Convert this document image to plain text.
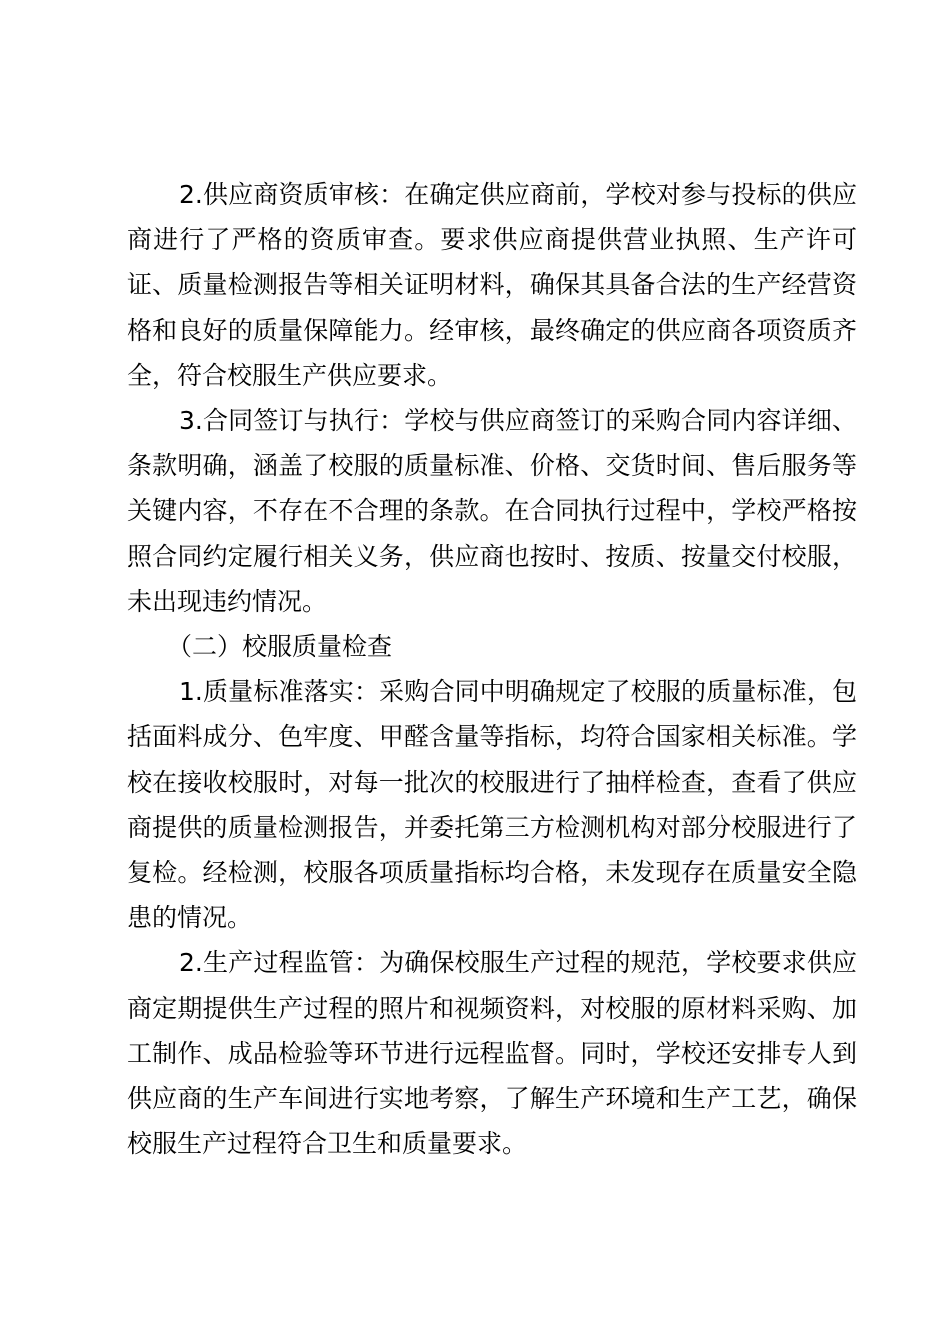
2.供应商资质审核：在确定供应商前，学校对参与投标的供应商进行了严格的资质审查。要求供应商提供营业执照、生产许可证、质量检测报告等相关证明材料，确保其具备合法的生产经营资格和良好的质量保障能力。经审核，最终确定的供应商各项资质齐全，符合校服生产供应要求。

3.合同签订与执行：学校与供应商签订的采购合同内容详细、条款明确，涵盖了校服的质量标准、价格、交货时间、售后服务等关键内容，不存在不合理的条款。在合同执行过程中，学校严格按照合同约定履行相关义务，供应商也按时、按质、按量交付校服，未出现违约情况。

（二）校服质量检查

1.质量标准落实：采购合同中明确规定了校服的质量标准，包括面料成分、色牢度、甲醛含量等指标，均符合国家相关标准。学校在接收校服时，对每一批次的校服进行了抽样检查，查看了供应商提供的质量检测报告，并委托第三方检测机构对部分校服进行了复检。经检测，校服各项质量指标均合格，未发现存在质量安全隐患的情况。

2.生产过程监管：为确保校服生产过程的规范，学校要求供应商定期提供生产过程的照片和视频资料，对校服的原材料采购、加工制作、成品检验等环节进行远程监督。同时，学校还安排专人到供应商的生产车间进行实地考察，了解生产环境和生产工艺，确保校服生产过程符合卫生和质量要求。
